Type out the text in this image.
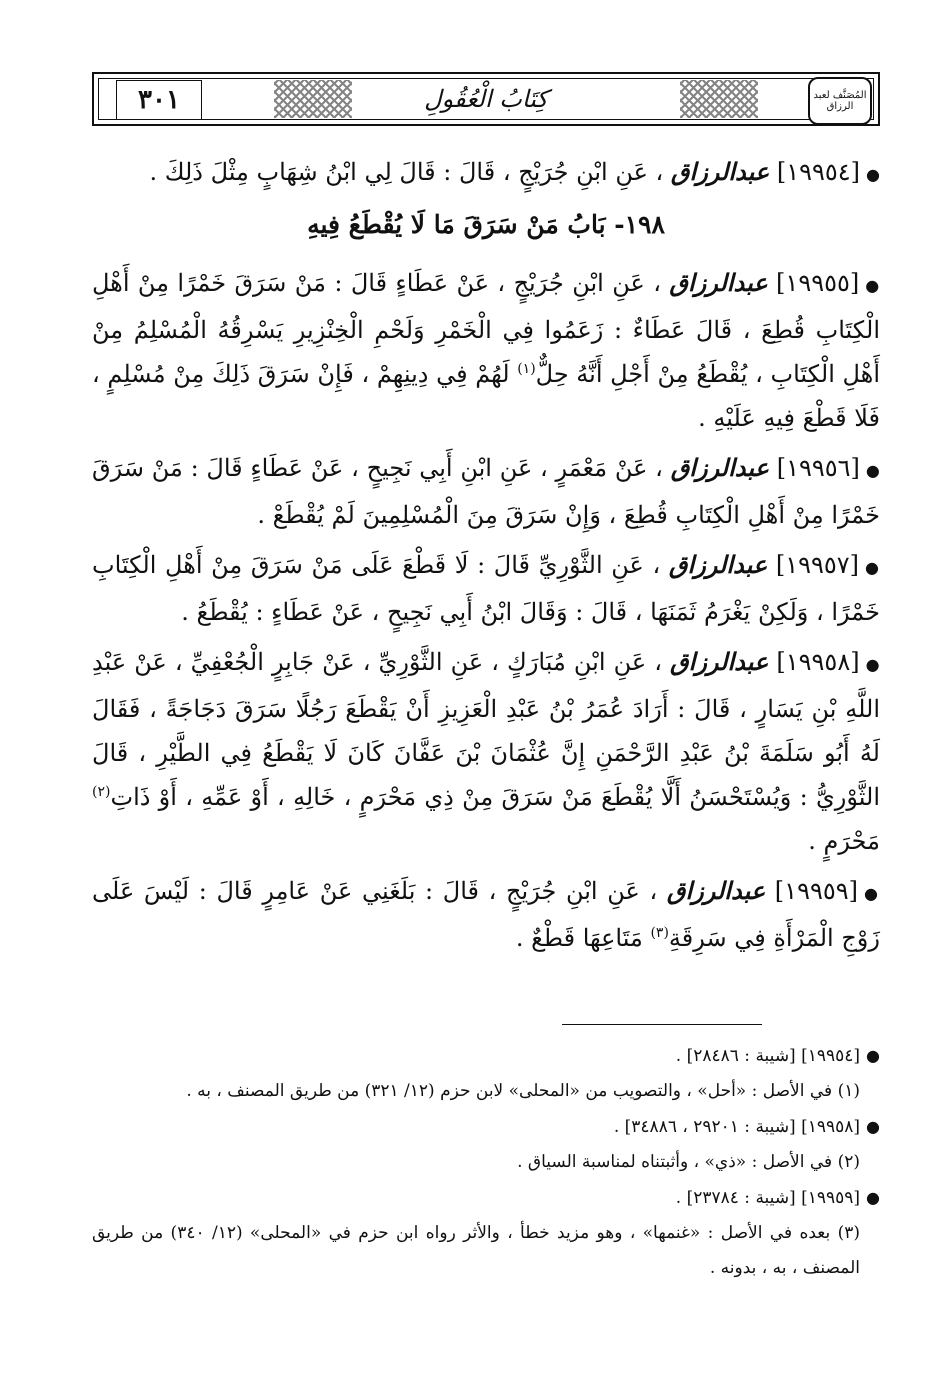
٣٠١	المُصَنَّف لعبد الرزاق
كِتَابُ الْعُقُولِ

●[١٩٩٥٤] عبدالرزاق ، عَنِ ابْنِ جُرَيْجٍ ، قَالَ : قَالَ لِي ابْنُ شِهَابٍ مِثْلَ ذَلِكَ .

١٩٨- بَابُ مَنْ سَرَقَ مَا لَا يُقْطَعُ فِيهِ

●[١٩٩٥٥] عبدالرزاق ، عَنِ ابْنِ جُرَيْجٍ ، عَنْ عَطَاءٍ قَالَ : مَنْ سَرَقَ خَمْرًا مِنْ أَهْلِ الْكِتَابِ قُطِعَ ، قَالَ عَطَاءٌ : زَعَمُوا فِي الْخَمْرِ وَلَحْمِ الْخِنْزِيرِ يَسْرِقُهُ الْمُسْلِمُ مِنْ أَهْلِ الْكِتَابِ ، يُقْطَعُ مِنْ أَجْلِ أَنَّهُ حِلٌّ$^{(١)}$ لَهُمْ فِي دِينِهِمْ ، فَإِنْ سَرَقَ ذَلِكَ مِنْ مُسْلِمٍ ، فَلَا قَطْعَ فِيهِ عَلَيْهِ .

●[١٩٩٥٦] عبدالرزاق ، عَنْ مَعْمَرٍ ، عَنِ ابْنِ أَبِي نَجِيحٍ ، عَنْ عَطَاءٍ قَالَ : مَنْ سَرَقَ خَمْرًا مِنْ أَهْلِ الْكِتَابِ قُطِعَ ، وَإِنْ سَرَقَ مِنَ الْمُسْلِمِينَ لَمْ يُقْطَعْ .

●[١٩٩٥٧] عبدالرزاق ، عَنِ الثَّوْرِيِّ قَالَ : لَا قَطْعَ عَلَى مَنْ سَرَقَ مِنْ أَهْلِ الْكِتَابِ خَمْرًا ، وَلَكِنْ يَغْرَمُ ثَمَنَهَا ، قَالَ : وَقَالَ ابْنُ أَبِي نَجِيحٍ ، عَنْ عَطَاءٍ : يُقْطَعُ .

●[١٩٩٥٨] عبدالرزاق ، عَنِ ابْنِ مُبَارَكٍ ، عَنِ الثَّوْرِيِّ ، عَنْ جَابِرٍ الْجُعْفِيِّ ، عَنْ عَبْدِ اللَّهِ بْنِ يَسَارٍ ، قَالَ : أَرَادَ عُمَرُ بْنُ عَبْدِ الْعَزِيزِ أَنْ يَقْطَعَ رَجُلًا سَرَقَ دَجَاجَةً ، فَقَالَ لَهُ أَبُو سَلَمَةَ بْنُ عَبْدِ الرَّحْمَنِ إِنَّ عُثْمَانَ بْنَ عَفَّانَ كَانَ لَا يَقْطَعُ فِي الطَّيْرِ ، قَالَ الثَّوْرِيُّ : وَيُسْتَحْسَنُ أَلَّا يُقْطَعَ مَنْ سَرَقَ مِنْ ذِي مَحْرَمٍ ، خَالِهِ ، أَوْ عَمِّهِ ، أَوْ ذَاتِ$^{(٢)}$ مَحْرَمٍ .

●[١٩٩٥٩] عبدالرزاق ، عَنِ ابْنِ جُرَيْجٍ ، قَالَ : بَلَغَنِي عَنْ عَامِرٍ قَالَ : لَيْسَ عَلَى زَوْجِ الْمَرْأَةِ فِي سَرِقَةِ$^{(٣)}$ مَتَاعِهَا قَطْعٌ .

●[١٩٩٥٤] [شيبة : ٢٨٤٨٦] .
(١) في الأصل : «أحل» ، والتصويب من «المحلى» لابن حزم (١٢/ ٣٢١) من طريق المصنف ، به .
●[١٩٩٥٨] [شيبة : ٢٩٢٠١ ، ٣٤٨٨٦] .
(٢) في الأصل : «ذي» ، وأثبتناه لمناسبة السياق .
●[١٩٩٥٩] [شيبة : ٢٣٧٨٤] .
(٣) بعده في الأصل : «غنمها» ، وهو مزيد خطأ ، والأثر رواه ابن حزم في «المحلى» (١٢/ ٣٤٠) من طريق المصنف ، به ، بدونه .
